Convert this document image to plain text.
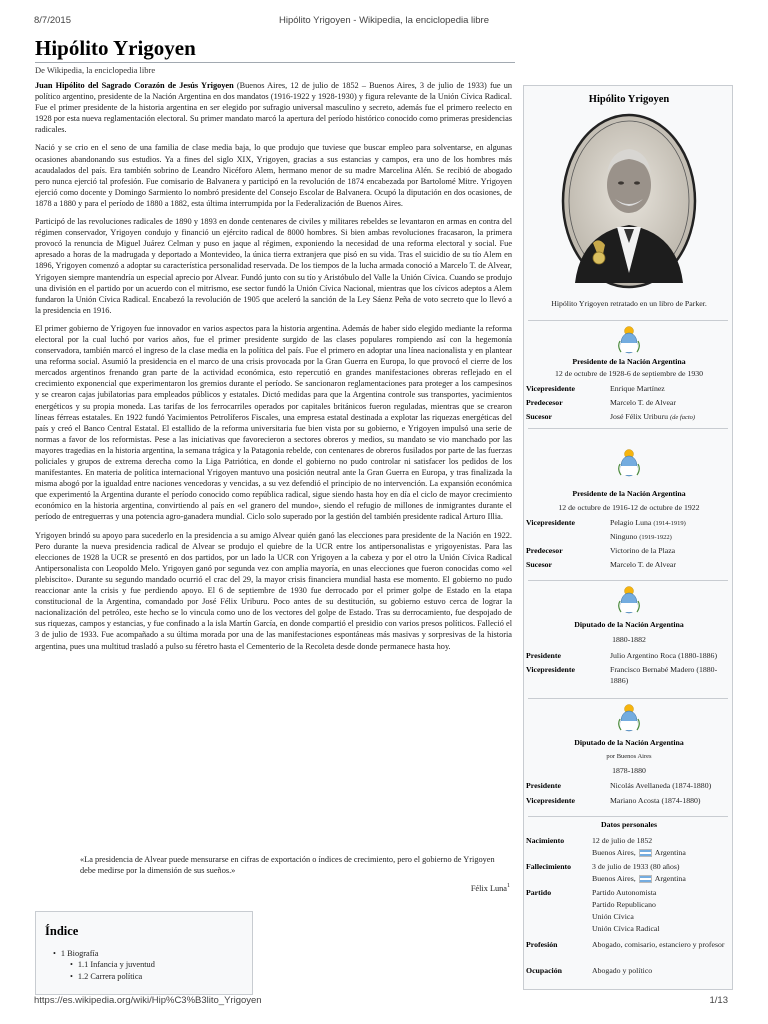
8/7/2015	Hipólito Yrigoyen - Wikipedia, la enciclopedia libre
Hipólito Yrigoyen
De Wikipedia, la enciclopedia libre

Juan Hipólito del Sagrado Corazón de Jesús Yrigoyen (Buenos Aires, 12 de julio de 1852 – Buenos Aires, 3 de julio de 1933) fue un político argentino, presidente de la Nación Argentina en dos mandatos (1916-1922 y 1928-1930) y figura relevante de la Unión Cívica Radical. Fue el primer presidente de la historia argentina en ser elegido por sufragio universal masculino y secreto, además fue el primero reelecto en 1928 por esta nueva reglamentación electoral. Su primer mandato marcó la apertura del período histórico conocido como primeras presidencias radicales.

Nació y se crio en el seno de una familia de clase media baja, lo que produjo que tuviese que buscar empleo para solventarse, en algunas ocasiones abandonando sus estudios. Ya a fines del siglo XIX, Yrigoyen, gracias a sus estancias y campos, era uno de los hombres más acaudalados del país. Era también sobrino de Leandro Nicéforo Alem, hermano menor de su madre Marcelina Alén. Se recibió de abogado pero nunca ejerció tal profesión. Fue comisario de Balvanera y participó en la revolución de 1874 encabezada por Bartolomé Mitre. Yrigoyen ejerció como docente y Domingo Sarmiento lo nombró presidente del Consejo Escolar de Balvanera. Ocupó la diputación en dos ocasiones, de 1878 a 1880 y para el período de 1880 a 1882, esta última interrumpida por la Federalización de Buenos Aires.

Participó de las revoluciones radicales de 1890 y 1893 en donde centenares de civiles y militares rebeldes se levantaron en armas en contra del régimen conservador, Yrigoyen condujo y financió un ejército radical de 8000 hombres. Si bien ambas revoluciones fracasaron, la primera provocó la renuncia de Miguel Juárez Celman y puso en jaque al régimen, exponiendo la necesidad de una reforma electoral y social. Fue apresado a horas de la madrugada y deportado a Montevideo, la única tierra extranjera que pisó en su vida. Tras el suicidio de su tío Alem en 1896, Yrigoyen comenzó a adoptar su característica personalidad reservada. De los tiempos de la lucha armada conoció a Marcelo T. de Alvear, Yrigoyen siempre mantendría un especial aprecio por Alvear. Fundó junto con su tío y Aristóbulo del Valle la Unión Cívica. Cuando se produjo una división en el partido por un acuerdo con el mitrismo, ese sector fundó la Unión Cívica Nacional, mientras que los cívicos adeptos a Alem fundaron la Unión Cívica Radical. Encabezó la revolución de 1905 que aceleró la sanción de la Ley Sáenz Peña de voto secreto que lo llevó a la presidencia en 1916.

El primer gobierno de Yrigoyen fue innovador en varios aspectos para la historia argentina. Además de haber sido elegido mediante la reforma electoral por la cual luchó por varios años, fue el primer presidente surgido de las clases populares rompiendo así con la hegemonía conservadora, también marcó el ingreso de la clase media en la política del país. Fue el primero en adoptar una línea nacionalista y en plantear una reforma social. Asumió la presidencia en el marco de una crisis provocada por la Gran Guerra en Europa, lo que provocó el cierre de los mercados argentinos frenando gran parte de la actividad económica, esto repercutió en grandes manifestaciones obreras reflejado en el crecimiento exponencial que experimentaron los gremios durante el período. Se sancionaron reglamentaciones para proteger a los campesinos y se crearon cajas jubilatorias para empleados públicos y estatales. Dictó medidas para que la Argentina controle sus transportes, yacimientos energéticos y su propia moneda. Las tarifas de los ferrocarriles operados por capitales británicos fueron reguladas, mientras que se crearon líneas férreas estatales. En 1922 fundó Yacimientos Petrolíferos Fiscales, una empresa estatal destinada a explotar las riquezas energéticas del país y creó el Banco Central Estatal. El estallido de la reforma universitaria fue bien vista por su gobierno, e Yrigoyen impulsó una serie de normas a favor de los reformistas. Pese a las iniciativas que favorecieron a sectores obreros y medios, su mandato se vio manchado por las mayores tragedias en la historia argentina, la semana trágica y la Patagonia rebelde, con centenares de obreros fusilados por parte de las fuerzas policiales y grupos de extrema derecha como la Liga Patriótica, en donde el gobierno no pudo controlar ni satisfacer los pedidos de los manifestantes. En materia de política internacional Yrigoyen mantuvo una posición neutral ante la Gran Guerra en Europa, y tras finalizada la misma abogó por la igualdad entre naciones vencedoras y vencidas, a su vez defendió el principio de no intervención. La expansión económica que experimentó la Argentina durante el período conocido como república radical, sigue siendo hasta hoy en día el ciclo de mayor crecimiento económico en la historia argentina, convirtiendo al país en «el granero del mundo», siendo el refugio de millones de inmigrantes durante el período de entreguerras y una potencia agro-ganadera mundial. Ciclo solo superado por la gestión del también presidente radical Arturo Illia.

Yrigoyen brindó su apoyo para sucederlo en la presidencia a su amigo Alvear quién ganó las elecciones para presidente de la Nación en 1922. Pero durante la nueva presidencia radical de Alvear se produjo el quiebre de la UCR entre los antipersonalistas e yrigoyenistas. Para las elecciones de 1928 la UCR se presentó en dos partidos, por un lado la UCR con Yrigoyen a la cabeza y por el otro la Unión Cívica Radical Antipersonalista con Leopoldo Melo. Yrigoyen ganó por segunda vez con amplia mayoría, en unas elecciones que fueron conocidas como «el plebiscito». Durante su segundo mandado ocurrió el crac del 29, la mayor crisis financiera mundial hasta ese momento. El gobierno no pudo reaccionar ante la crisis y fue perdiendo apoyo. El 6 de septiembre de 1930 fue derrocado por el primer golpe de Estado en la etapa constitucional de la Argentina, comandado por José Félix Uriburu. Poco antes de su destitución, su gobierno estuvo cerca de lograr la nacionalización del petróleo, este hecho se lo vincula como uno de los vectores del golpe de Estado. Tras su derrocamiento, fue despojado de sus riquezas, campos y estancias, y fue confinado a la isla Martín García, en donde compartió el presidio con varios presos políticos. Falleció el 3 de julio de 1933. Fue acompañado a su última morada por una de las manifestaciones espontáneas más masivas y sorpresivas de la historia argentina, pues una multitud trasladó a pulso su féretro hasta el Cementerio de la Recoleta desde donde permanece hasta hoy.

«La presidencia de Alvear puede mensurarse en cifras de exportación o índices de crecimiento, pero el gobierno de Yrigoyen debe medirse por la dimensión de sus sueños.»
Félix Luna$^1$
Índice
• 1 Biografía
• 1.1 Infancia y juventud
• 1.2 Carrera política
Hipólito Yrigoyen
Hipólito Yrigoyen retratado en un libro de Parker.
Presidente de la Nación Argentina
12 de octubre de 1928-6 de septiembre de 1930
Vicepresidente	Enrique Martínez
Predecesor	Marcelo T. de Alvear
Sucesor	José Félix Uriburu (de facto)
Presidente de la Nación Argentina
12 de octubre de 1916-12 de octubre de 1922
Vicepresidente	Pelagio Luna (1914-1919)
Ninguno (1919-1922)
Predecesor	Victorino de la Plaza
Sucesor	Marcelo T. de Alvear
Diputado de la Nación Argentina
1880-1882
Presidente	Julio Argentino Roca (1880-1886)
Vicepresidente	Francisco Bernabé Madero (1880-1886)
Diputado de la Nación Argentina
por Buenos Aires
1878-1880
Presidente	Nicolás Avellaneda (1874-1880)
Vicepresidente	Mariano Acosta (1874-1880)
Datos personales
Nacimiento	12 de julio de 1852
Buenos Aires, Argentina
Fallecimiento	3 de julio de 1933 (80 años)
Buenos Aires, Argentina
Partido	Partido Autonomista
Partido Republicano
Unión Cívica
Unión Cívica Radical
Profesión	Abogado, comisario, estanciero y profesor
Ocupación	Abogado y político
https://es.wikipedia.org/wiki/Hip%C3%B3lito_Yrigoyen	1/13
